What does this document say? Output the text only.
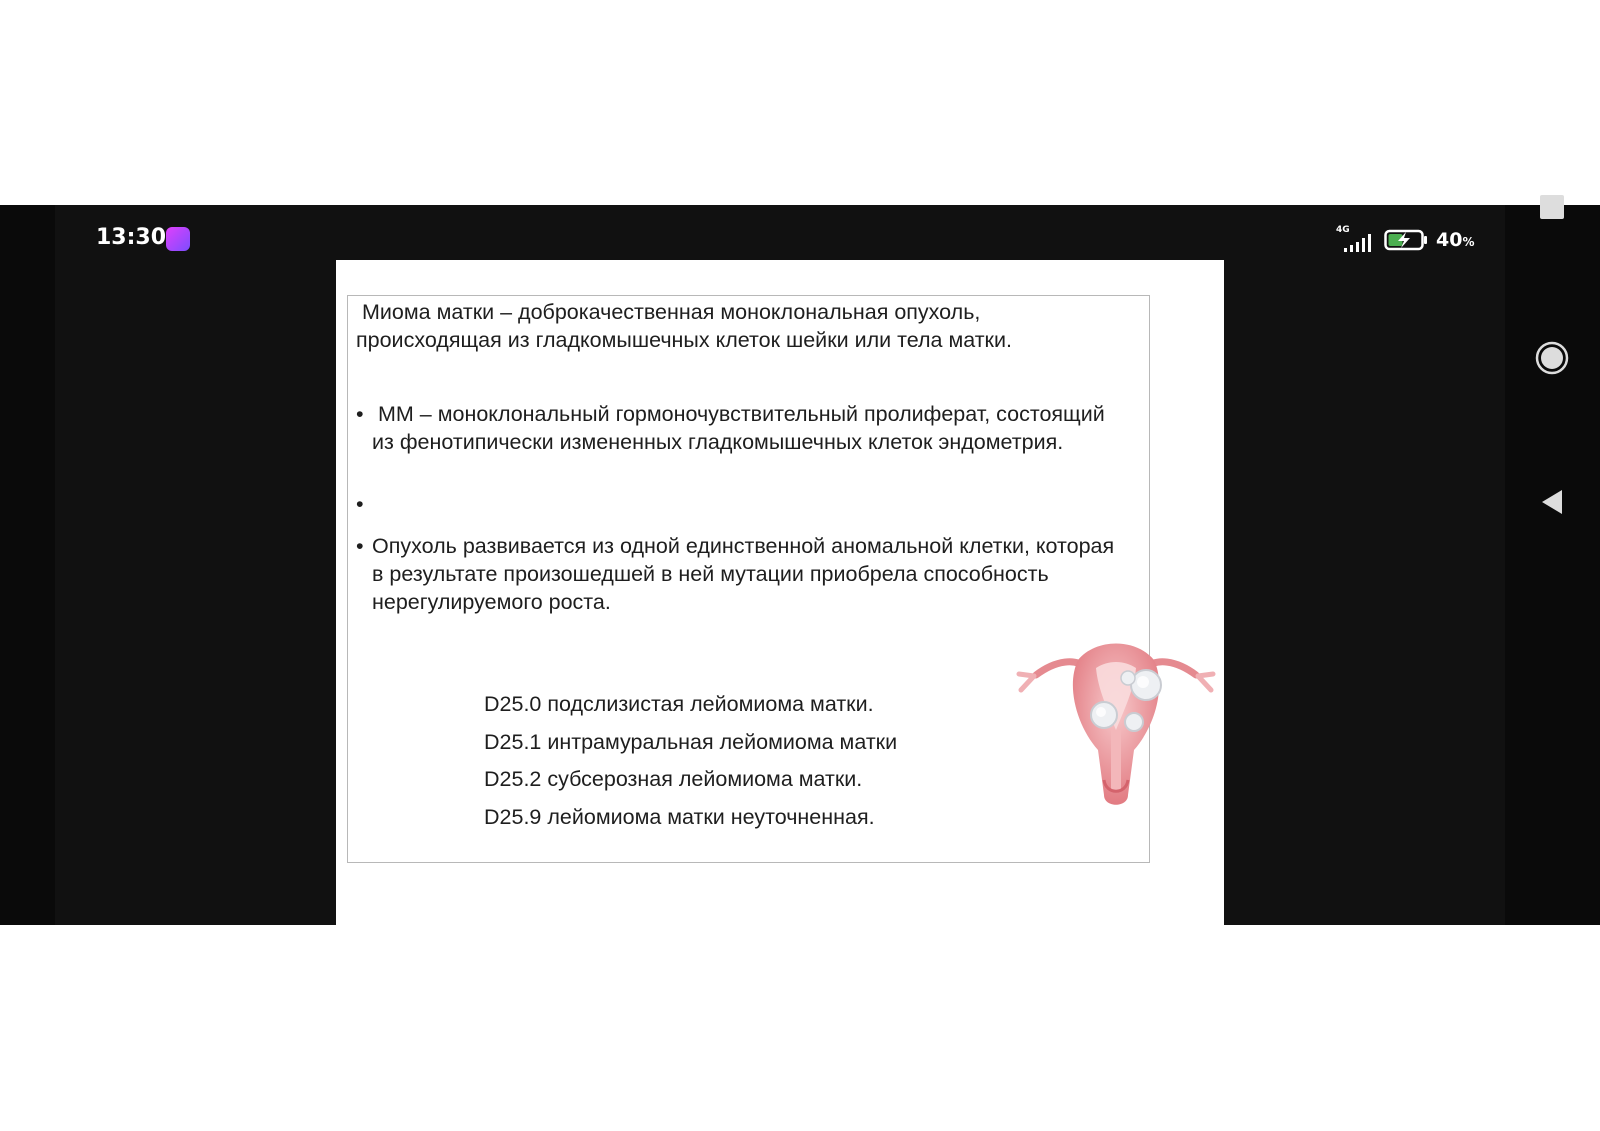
13:30	4G	40%
Миома матки – доброкачественная моноклональная опухоль,
происходящая из гладкомышечных клеток шейки или тела матки.
• ММ – моноклональный гормоночувствительный пролиферат, состоящий из фенотипически измененных гладкомышечных клеток эндометрия.
•
• Опухоль развивается из одной единственной аномальной клетки, которая в результате произошедшей в ней мутации приобрела способность нерегулируемого роста.
D25.0 подслизистая лейомиома матки.
D25.1 интрамуральная лейомиома матки
D25.2 субсерозная лейомиома матки.
D25.9 лейомиома матки неуточненная.
